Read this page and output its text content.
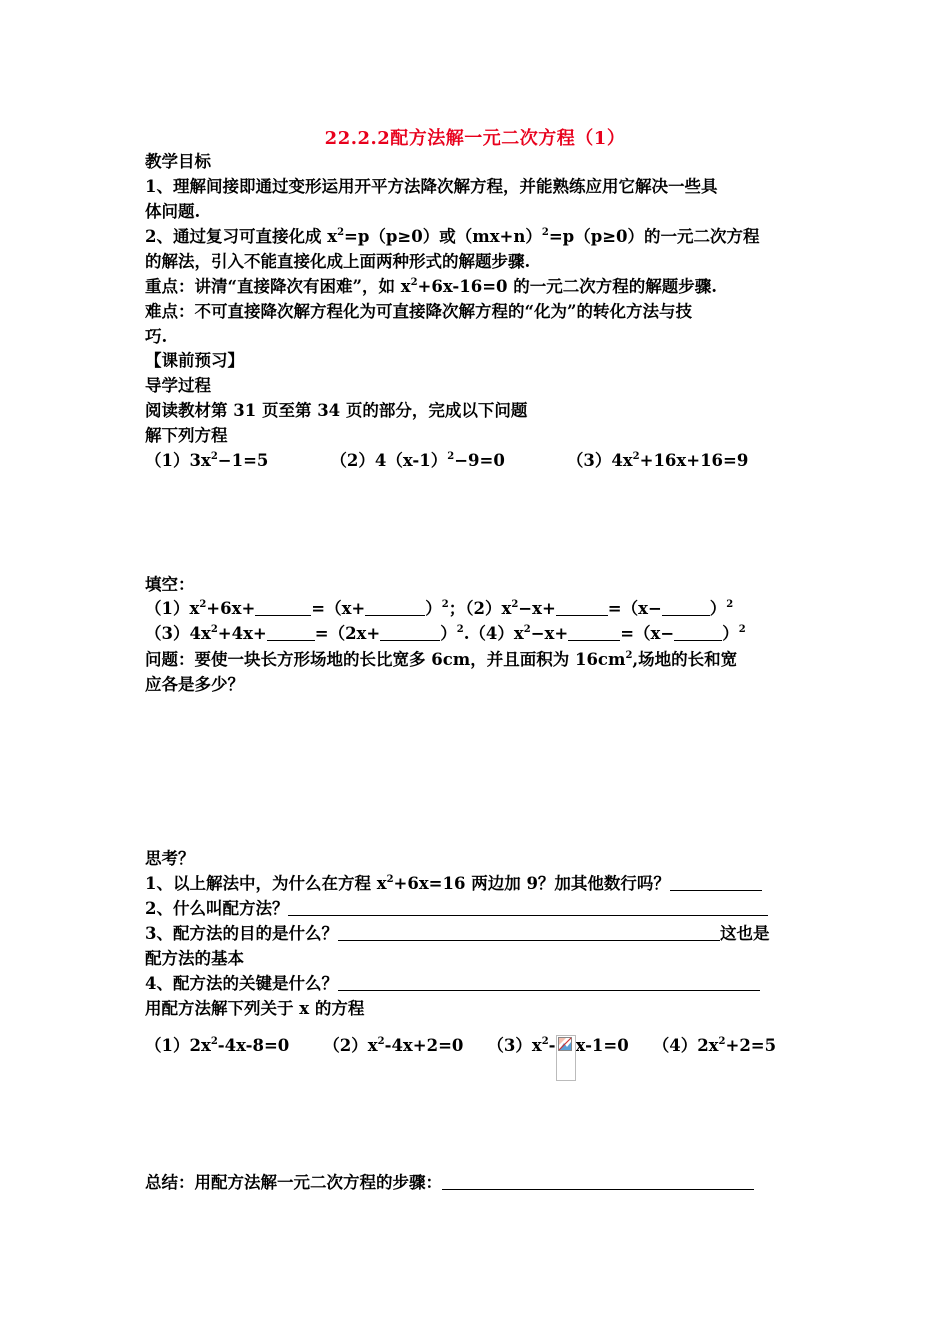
22.2.2配方法解一元二次方程（1）
教学目标
1、理解间接即通过变形运用开平方法降次解方程，并能熟练应用它解决一些具
体问题.
2、通过复习可直接化成 $x^2=p(p\ge 0)$或$(mx+n)^2=p(p\ge 0)$的一元二次方程
的解法，引入不能直接化成上面两种形式的解题步骤.
重点：讲清“直接降次有困难”，如 $x^2+6x-16=0$ 的一元二次方程的解题步骤.
难点：不可直接降次解方程化为可直接降次解方程的“化为”的转化方法与技
巧.
【课前预习】
导学过程
阅读教材第 31 页至第 34 页的部分，完成以下问题
解下列方程
$(1)3x^2-1=5$	$(2)4(x-1)^2-9=0$	$(3)4x^2+16x+16=9$
填空：
$(1)x^2+6x+$	=（x+	）$^2$；$(2)x^2-x+$	=（x−	）$^2$
$(3)4x^2+4x+$	=（2x+	）$^2.(4)x^2-x+$	=（x−	）$^2$
问题：要使一块长方形场地的长比宽多 6cm，并且面积为 $16cm^2$,场地的长和宽
应各是多少？
思考？
1、以上解法中，为什么在方程 $x^2+6x=16$ 两边加 9？加其他数行吗？
2、什么叫配方法？
3、配方法的目的是什么？	这也是
配方法的基本
4、配方法的关键是什么？
用配方法解下列关于 x 的方程
$(1)2x^2-4x-8=0$ $(2)x^2-4x+2=0$ $(3)x^2-$ x-1=0 $(4)2x^2+2=5$
总结：用配方法解一元二次方程的步骤：
